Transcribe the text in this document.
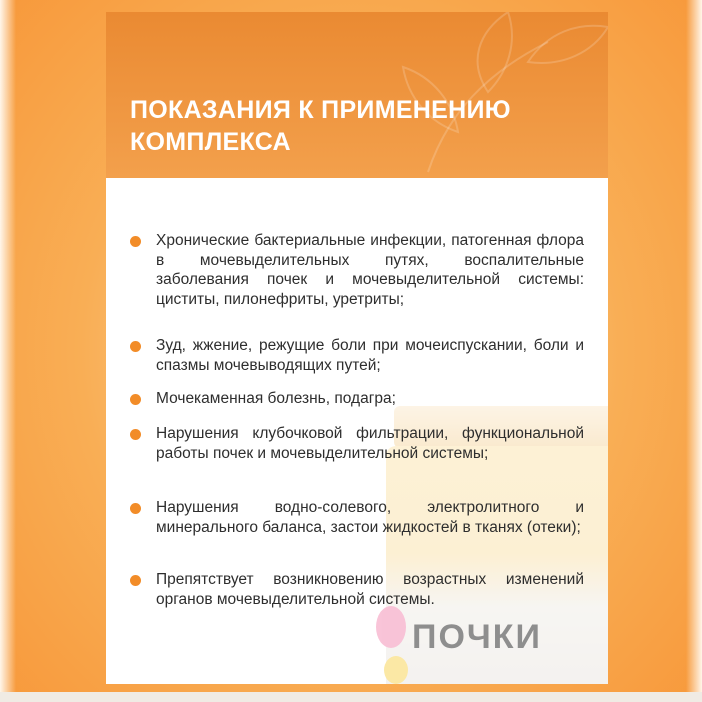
ПОКАЗАНИЯ К ПРИМЕНЕНИЮ КОМПЛЕКСА
ПОЧКИ
Хронические бактериальные инфекции, патогенная флора в мочевыделительных путях, воспалительные заболевания почек и мочевыделительной системы: циститы, пилонефриты, уретриты;
Зуд, жжение, режущие боли при мочеиспускании, боли и спазмы мочевыводящих путей;
Мочекаменная болезнь, подагра;
Нарушения клубочковой фильтрации, функциональной работы почек и мочевыделительной системы;
Нарушения водно-солевого, электролитного и минерального баланса, застои жидкостей в тканях (отеки);
Препятствует возникновению возрастных изменений органов мочевыделительной системы.
